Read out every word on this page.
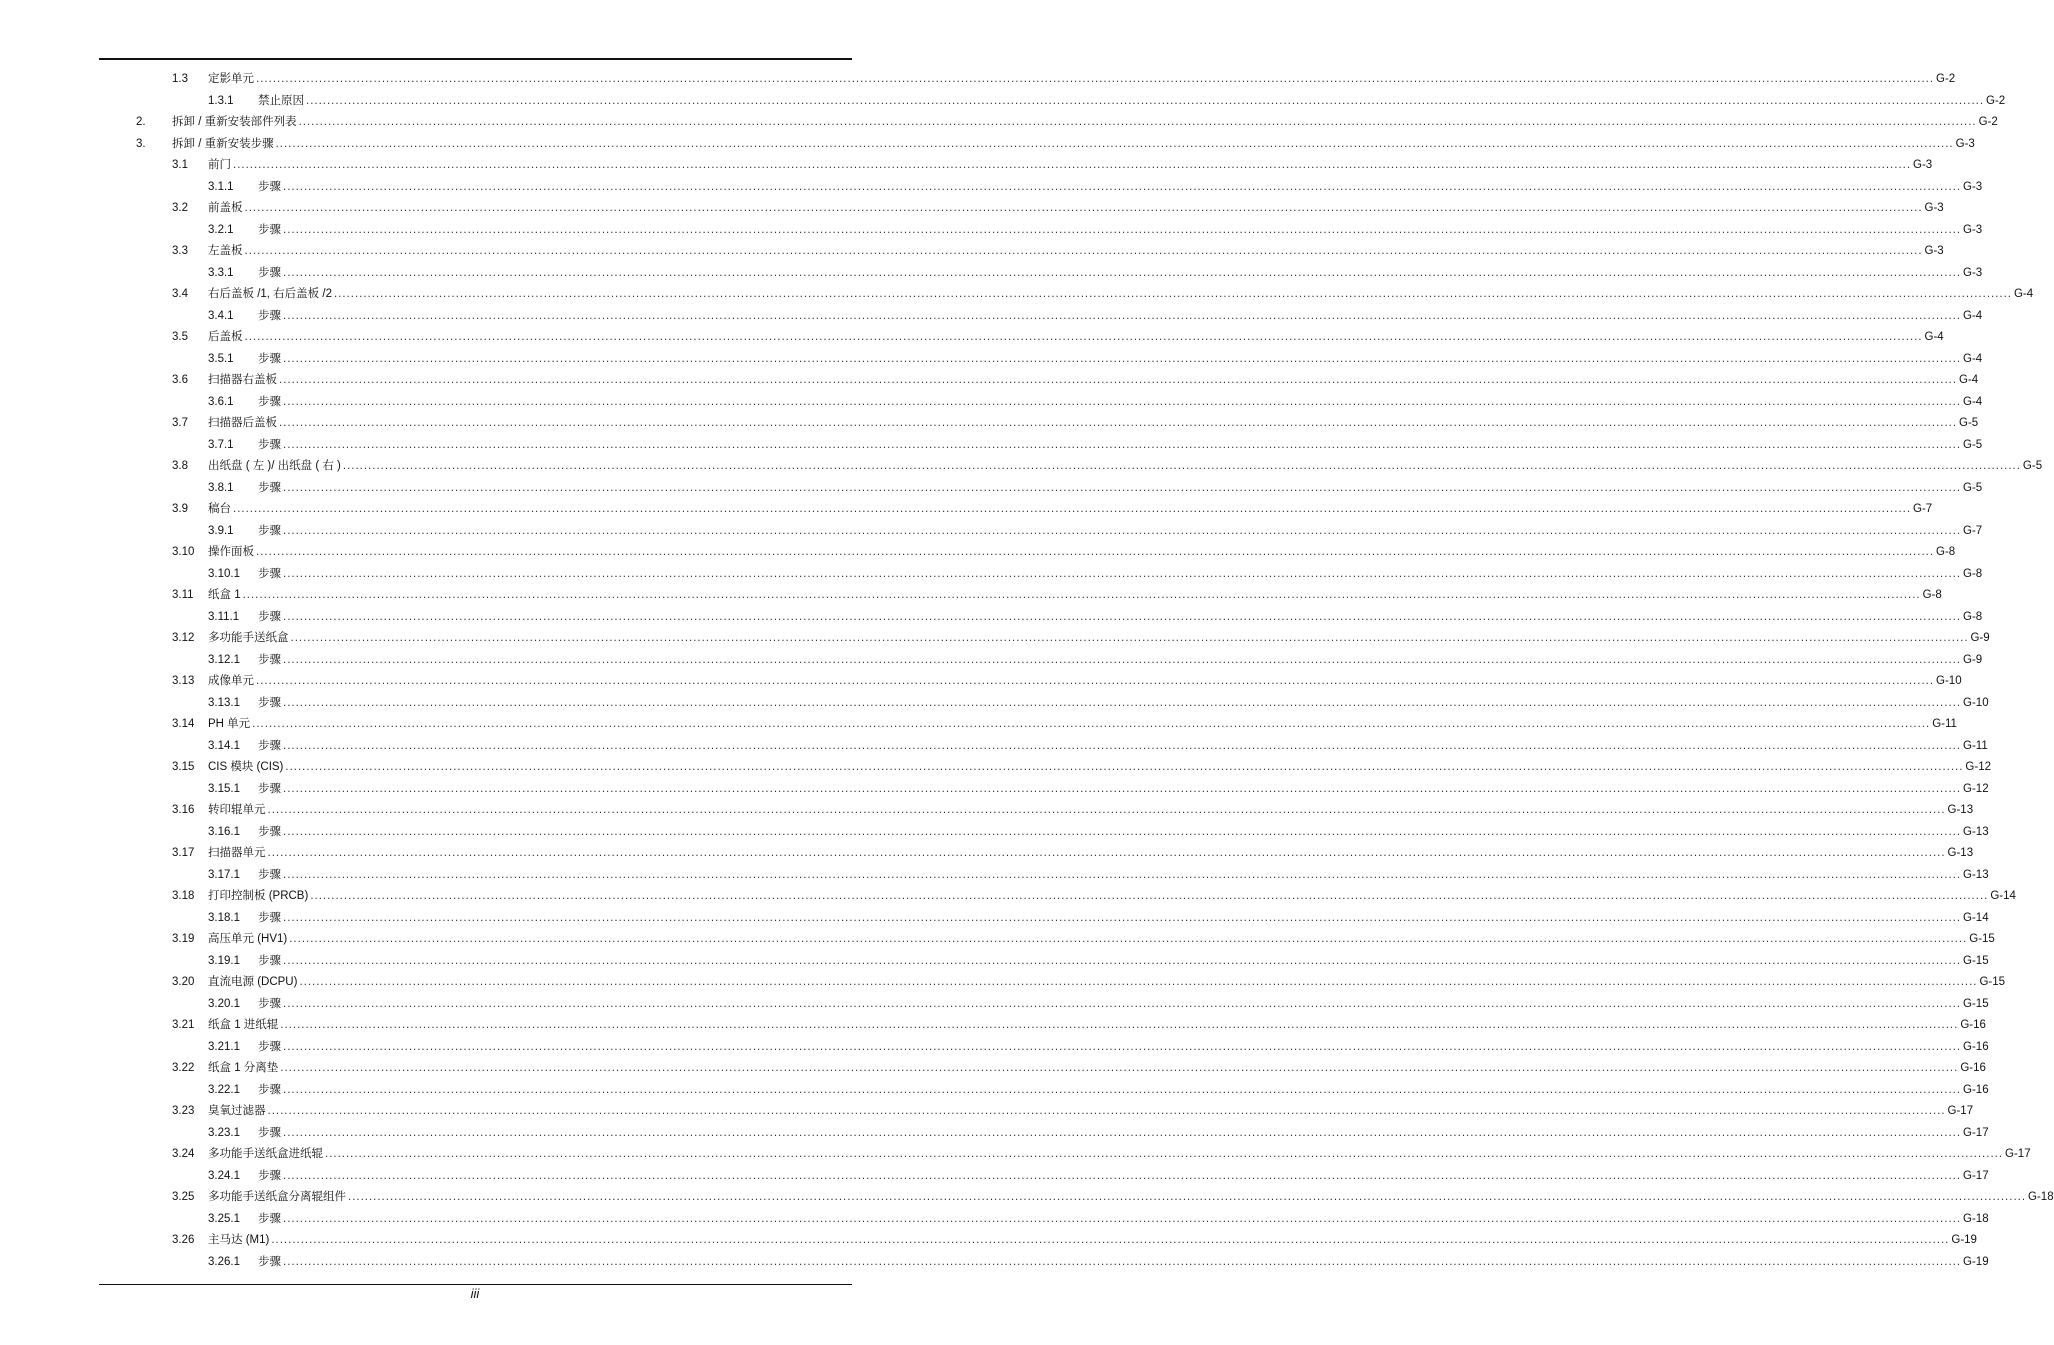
1.3 定影单元 ................................................................................................................................................................................................................................................................................................................................................................................................................ G-2
1.3.1 禁止原因 ................................................................................................................................................................................................................................................................................................................................................................................................................ G-2
2. 拆卸 / 重新安装部件列表 ................................................................................................................................................................................................................................................................................................................................................................................................................ G-2
3. 拆卸 / 重新安装步骤 ................................................................................................................................................................................................................................................................................................................................................................................................................ G-3
3.1 前门 ................................................................................................................................................................................................................................................................................................................................................................................................................ G-3
3.1.1 步骤 ................................................................................................................................................................................................................................................................................................................................................................................................................ G-3
3.2 前盖板 ................................................................................................................................................................................................................................................................................................................................................................................................................ G-3
3.2.1 步骤 ................................................................................................................................................................................................................................................................................................................................................................................................................ G-3
3.3 左盖板 ................................................................................................................................................................................................................................................................................................................................................................................................................ G-3
3.3.1 步骤 ................................................................................................................................................................................................................................................................................................................................................................................................................ G-3
3.4 右后盖板 /1, 右后盖板 /2 ................................................................................................................................................................................................................................................................................................................................................................................................................ G-4
3.4.1 步骤 ................................................................................................................................................................................................................................................................................................................................................................................................................ G-4
3.5 后盖板 ................................................................................................................................................................................................................................................................................................................................................................................................................ G-4
3.5.1 步骤 ................................................................................................................................................................................................................................................................................................................................................................................................................ G-4
3.6 扫描器右盖板 ................................................................................................................................................................................................................................................................................................................................................................................................................ G-4
3.6.1 步骤 ................................................................................................................................................................................................................................................................................................................................................................................................................ G-4
3.7 扫描器后盖板 ................................................................................................................................................................................................................................................................................................................................................................................................................ G-5
3.7.1 步骤 ................................................................................................................................................................................................................................................................................................................................................................................................................ G-5
3.8 出纸盘 ( 左 )/ 出纸盘 ( 右 ) ................................................................................................................................................................................................................................................................................................................................................................................................................ G-5
3.8.1 步骤 ................................................................................................................................................................................................................................................................................................................................................................................................................ G-5
3.9 稿台 ................................................................................................................................................................................................................................................................................................................................................................................................................ G-7
3.9.1 步骤 ................................................................................................................................................................................................................................................................................................................................................................................................................ G-7
3.10 操作面板 ................................................................................................................................................................................................................................................................................................................................................................................................................ G-8
3.10.1 步骤 ................................................................................................................................................................................................................................................................................................................................................................................................................ G-8
3.11 纸盒 1 ................................................................................................................................................................................................................................................................................................................................................................................................................ G-8
3.11.1 步骤 ................................................................................................................................................................................................................................................................................................................................................................................................................ G-8
3.12 多功能手送纸盒 ................................................................................................................................................................................................................................................................................................................................................................................................................ G-9
3.12.1 步骤 ................................................................................................................................................................................................................................................................................................................................................................................................................ G-9
3.13 成像单元 ................................................................................................................................................................................................................................................................................................................................................................................................................ G-10
3.13.1 步骤 ................................................................................................................................................................................................................................................................................................................................................................................................................ G-10
3.14 PH 单元 ................................................................................................................................................................................................................................................................................................................................................................................................................ G-11
3.14.1 步骤 ................................................................................................................................................................................................................................................................................................................................................................................................................ G-11
3.15 CIS 模块 (CIS) ................................................................................................................................................................................................................................................................................................................................................................................................................ G-12
3.15.1 步骤 ................................................................................................................................................................................................................................................................................................................................................................................................................ G-12
3.16 转印辊单元 ................................................................................................................................................................................................................................................................................................................................................................................................................ G-13
3.16.1 步骤 ................................................................................................................................................................................................................................................................................................................................................................................................................ G-13
3.17 扫描器单元 ................................................................................................................................................................................................................................................................................................................................................................................................................ G-13
3.17.1 步骤 ................................................................................................................................................................................................................................................................................................................................................................................................................ G-13
3.18 打印控制板 (PRCB) ................................................................................................................................................................................................................................................................................................................................................................................................................ G-14
3.18.1 步骤 ................................................................................................................................................................................................................................................................................................................................................................................................................ G-14
3.19 高压单元 (HV1) ................................................................................................................................................................................................................................................................................................................................................................................................................ G-15
3.19.1 步骤 ................................................................................................................................................................................................................................................................................................................................................................................................................ G-15
3.20 直流电源 (DCPU) ................................................................................................................................................................................................................................................................................................................................................................................................................ G-15
3.20.1 步骤 ................................................................................................................................................................................................................................................................................................................................................................................................................ G-15
3.21 纸盒 1 进纸辊 ................................................................................................................................................................................................................................................................................................................................................................................................................ G-16
3.21.1 步骤 ................................................................................................................................................................................................................................................................................................................................................................................................................ G-16
3.22 纸盒 1 分离垫 ................................................................................................................................................................................................................................................................................................................................................................................................................ G-16
3.22.1 步骤 ................................................................................................................................................................................................................................................................................................................................................................................................................ G-16
3.23 臭氧过滤器 ................................................................................................................................................................................................................................................................................................................................................................................................................ G-17
3.23.1 步骤 ................................................................................................................................................................................................................................................................................................................................................................................................................ G-17
3.24 多功能手送纸盒进纸辊 ................................................................................................................................................................................................................................................................................................................................................................................................................ G-17
3.24.1 步骤 ................................................................................................................................................................................................................................................................................................................................................................................................................ G-17
3.25 多功能手送纸盒分离辊组件 ................................................................................................................................................................................................................................................................................................................................................................................................................ G-18
3.25.1 步骤 ................................................................................................................................................................................................................................................................................................................................................................................................................ G-18
3.26 主马达 (M1) ................................................................................................................................................................................................................................................................................................................................................................................................................ G-19
3.26.1 步骤 ................................................................................................................................................................................................................................................................................................................................................................................................................ G-19
iii
